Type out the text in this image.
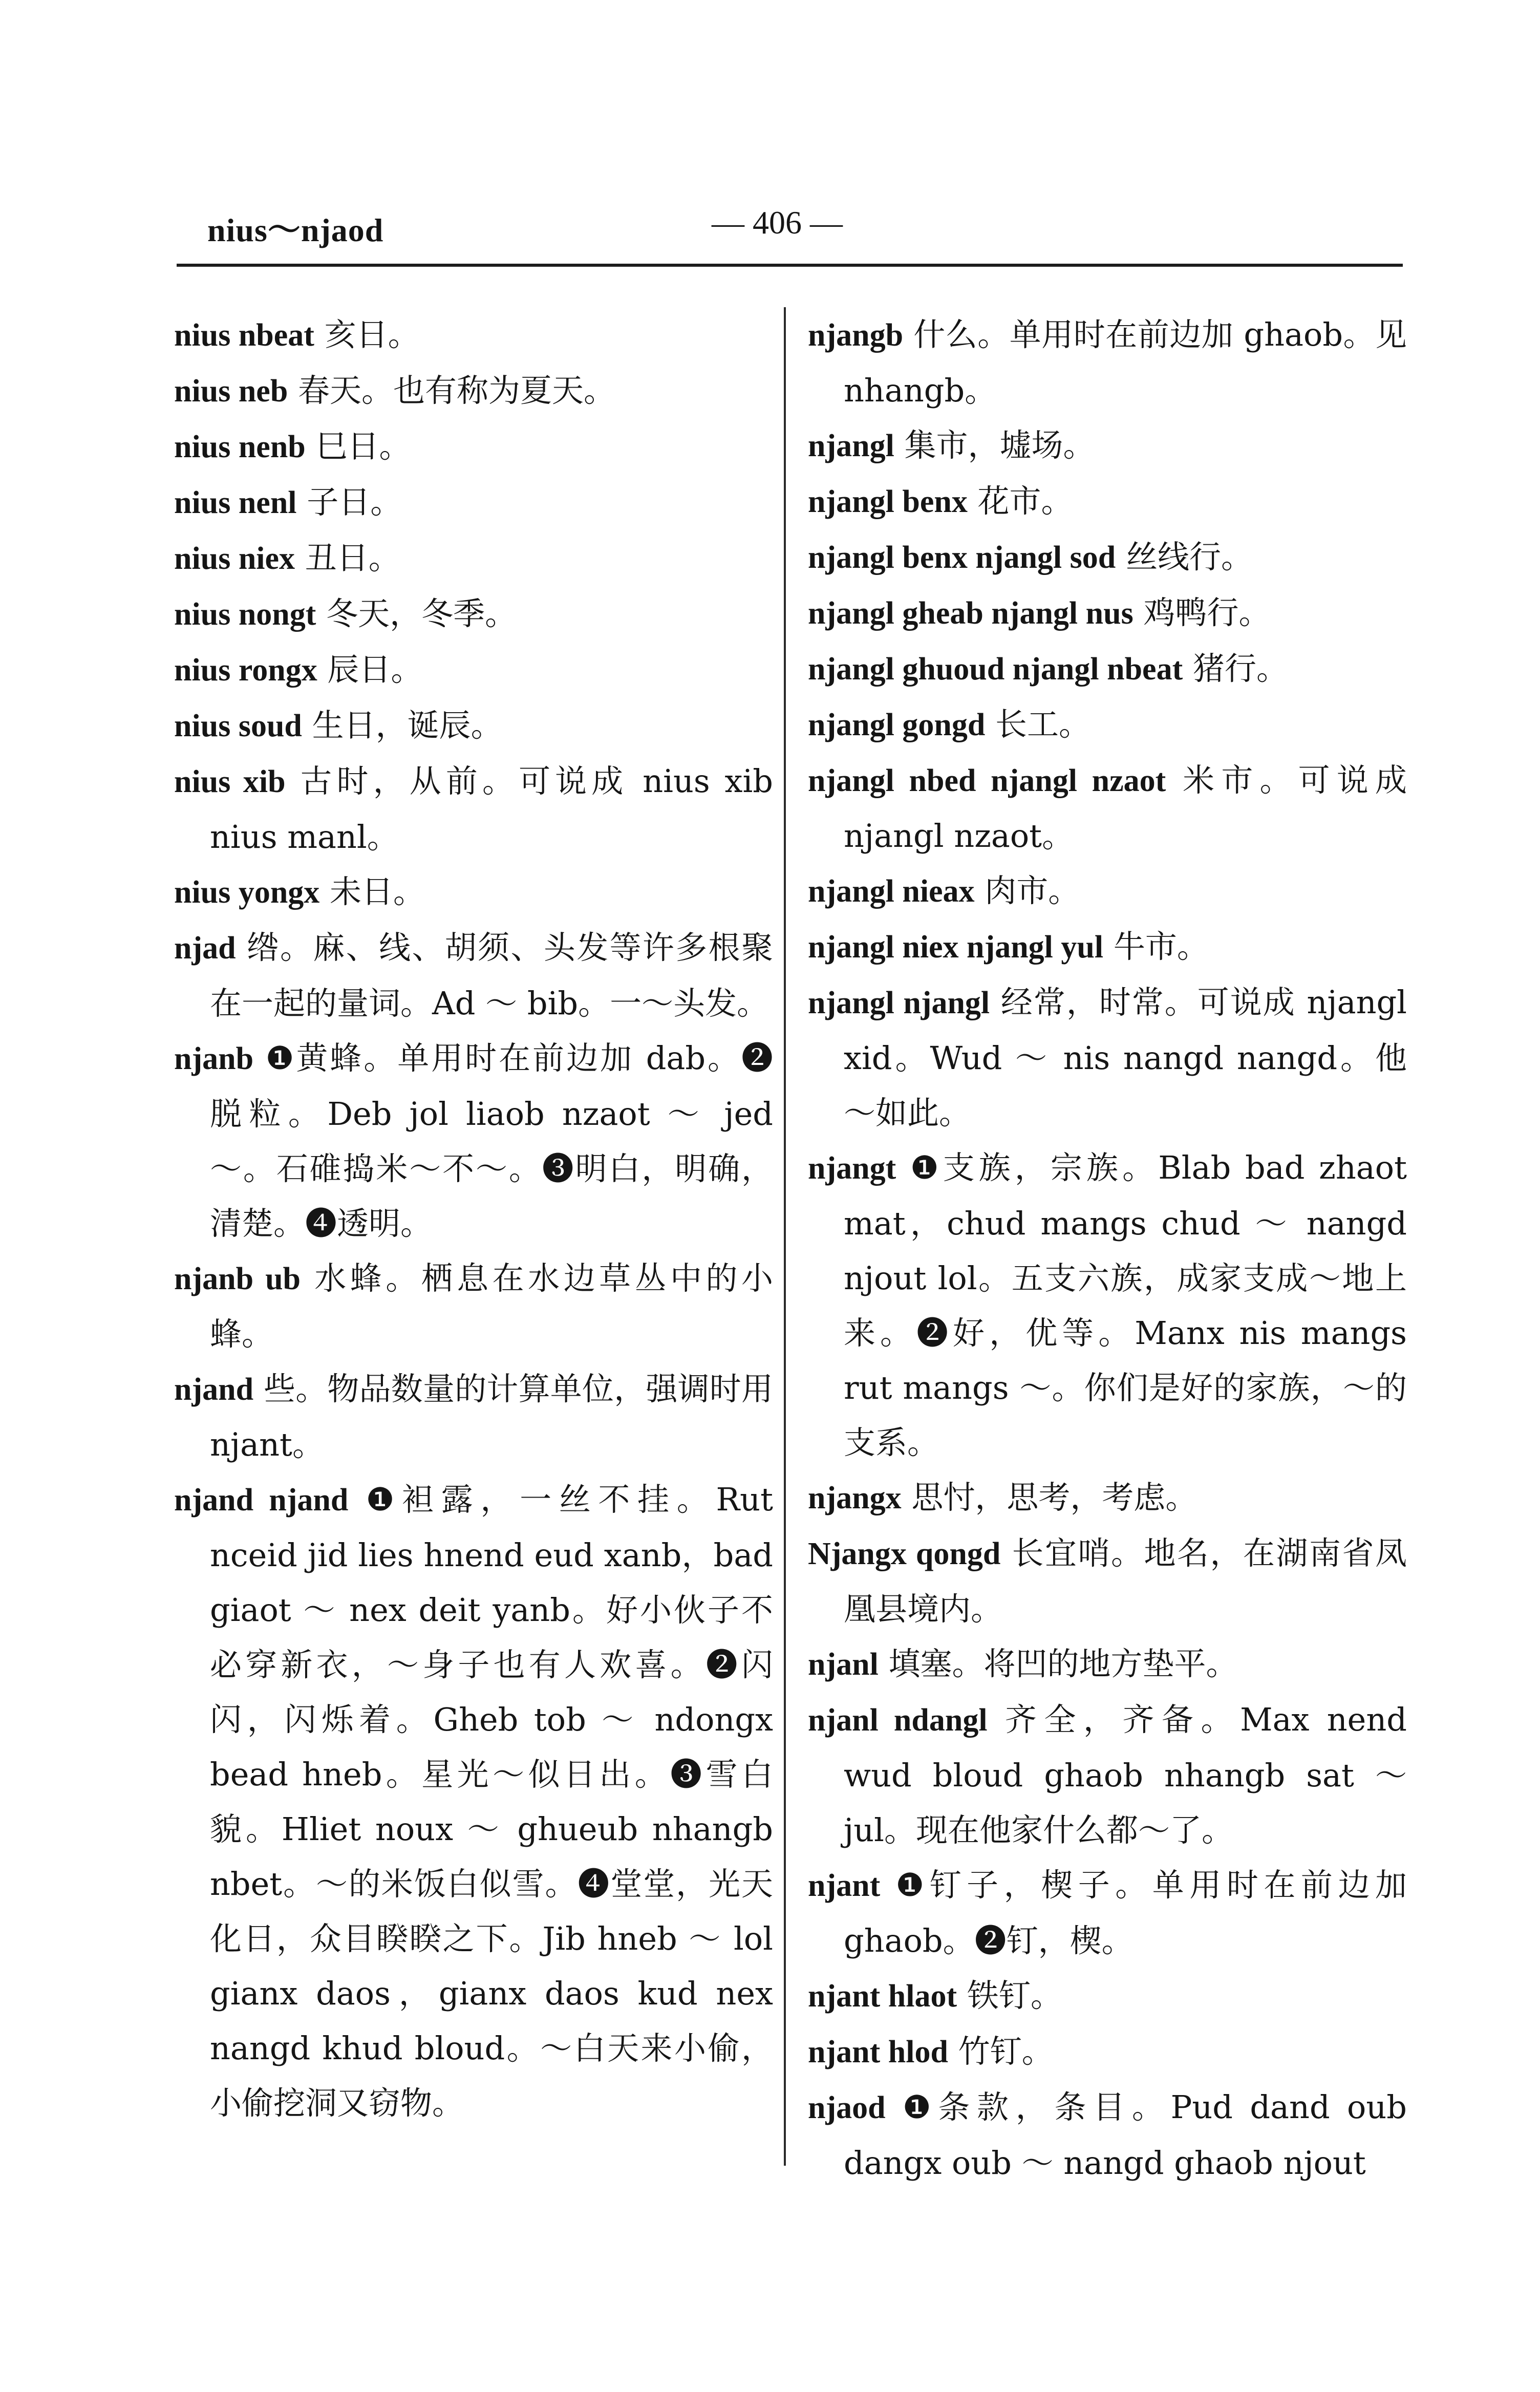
nius～njaod	— 406 —

nius nbeat 亥日。

nius neb 春天。也有称为夏天。

nius nenb 巳日。

nius nenl 子日。

nius niex 丑日。

nius nongt 冬天，冬季。

nius rongx 辰日。

nius soud 生日，诞辰。

nius xib 古时，从前。可说成 nius xib nius manl。

nius yongx 未日。

njad 绺。麻、线、胡须、头发等许多根聚在一起的量词。Ad ～ bib。一～头发。

njanb ❶黄蜂。单用时在前边加 dab。❷脱粒。Deb jol liaob nzaot ～ jed ～。石碓捣米～不～。❸明白，明确，清楚。❹透明。

njanb ub 水蜂。栖息在水边草丛中的小蜂。

njand 些。物品数量的计算单位，强调时用 njant。

njand njand ❶袒露，一丝不挂。Rut nceid jid lies hnend eud xanb，bad giaot ～ nex deit yanb。好小伙子不必穿新衣，～身子也有人欢喜。❷闪闪，闪烁着。Gheb tob ～ ndongx bead hneb。星光～似日出。❸雪白貌。Hliet noux ～ ghueub nhangb nbet。～的米饭白似雪。❹堂堂，光天化日，众目睽睽之下。Jib hneb ～ lol gianx daos，gianx daos kud nex nangd khud bloud。～白天来小偷，小偷挖洞又窃物。

njangb 什么。单用时在前边加 ghaob。见 nhangb。

njangl 集市，墟场。

njangl benx 花市。

njangl benx njangl sod 丝线行。

njangl gheab njangl nus 鸡鸭行。

njangl ghuoud njangl nbeat 猪行。

njangl gongd 长工。

njangl nbed njangl nzaot 米市。可说成 njangl nzaot。

njangl nieax 肉市。

njangl niex njangl yul 牛市。

njangl njangl 经常，时常。可说成 njangl xid。Wud ～ nis nangd nangd。他～如此。

njangt ❶支族，宗族。Blab bad zhaot mat，chud mangs chud ～ nangd njout lol。五支六族，成家支成～地上来。❷好，优等。Manx nis mangs rut mangs ～。你们是好的家族，～的支系。

njangx 思忖，思考，考虑。

Njangx qongd 长宜哨。地名，在湖南省凤凰县境内。

njanl 填塞。将凹的地方垫平。

njanl ndangl 齐全，齐备。Max nend wud bloud ghaob nhangb sat ～ jul。现在他家什么都～了。

njant ❶钉子，楔子。单用时在前边加 ghaob。❷钉，楔。

njant hlaot 铁钉。

njant hlod 竹钉。

njaod ❶条款，条目。Pud dand oub dangx oub ～ nangd ghaob njout
